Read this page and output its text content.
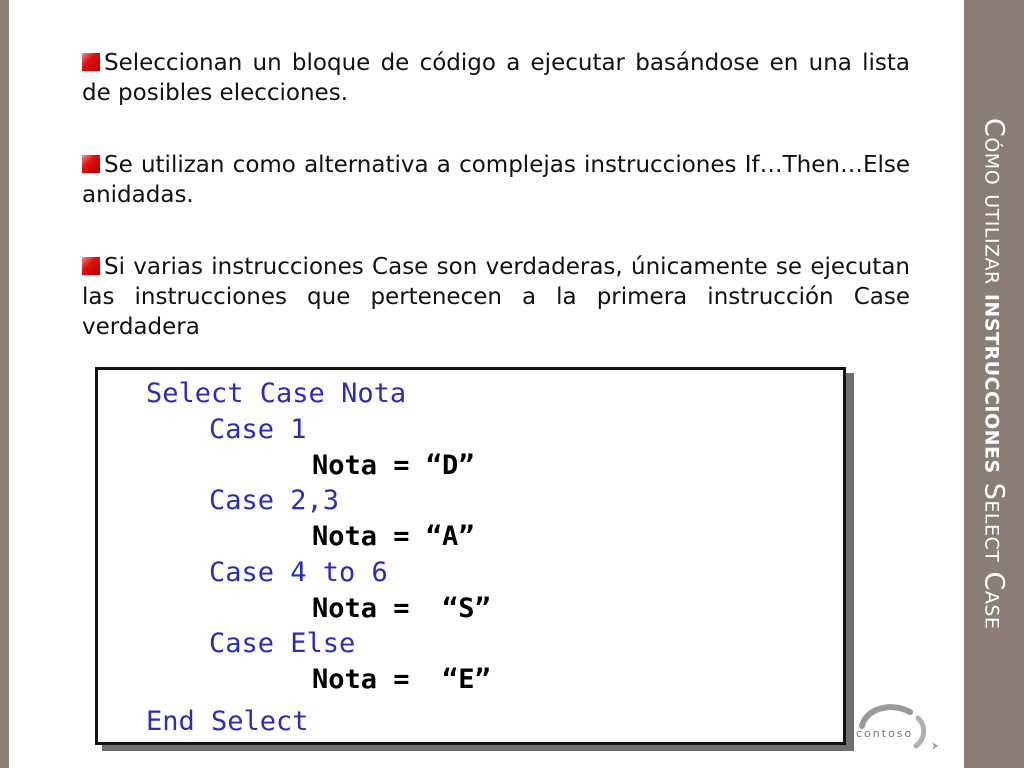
Seleccionan un bloque de código a ejecutar basándose en una lista de posibles elecciones.

Se utilizan como alternativa a complejas instrucciones If…Then…Else anidadas.

Si varias instrucciones Case son verdaderas, únicamente se ejecutan las instrucciones que pertenecen a la primera instrucción Case verdadera

Select Case Nota
Case 1
Nota = “D”
Case 2,3
Nota = “A”
Case 4 to 6
Nota =  “S”
Case Else
Nota =  “E”
End Select	contoso
Cómo utilizar instrucciones Select Case
